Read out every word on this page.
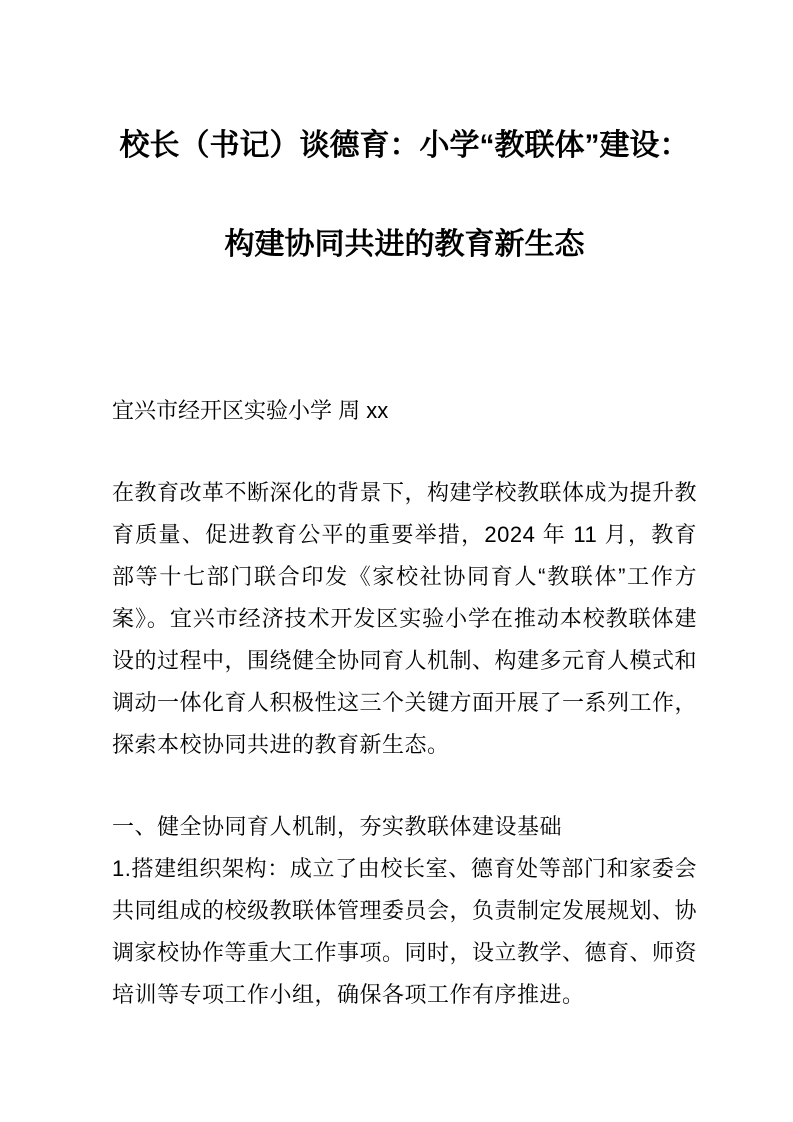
校长（书记）谈德育：小学“教联体”建设：
构建协同共进的教育新生态

宜兴市经开区实验小学 周 xx

在教育改革不断深化的背景下，构建学校教联体成为提升教育质量、促进教育公平的重要举措，2024 年 11 月，教育部等十七部门联合印发《家校社协同育人“教联体”工作方案》。宜兴市经济技术开发区实验小学在推动本校教联体建设的过程中，围绕健全协同育人机制、构建多元育人模式和调动一体化育人积极性这三个关键方面开展了一系列工作，探索本校协同共进的教育新生态。

一、健全协同育人机制，夯实教联体建设基础

1.搭建组织架构：成立了由校长室、德育处等部门和家委会共同组成的校级教联体管理委员会，负责制定发展规划、协调家校协作等重大工作事项。同时，设立教学、德育、师资培训等专项工作小组，确保各项工作有序推进。
